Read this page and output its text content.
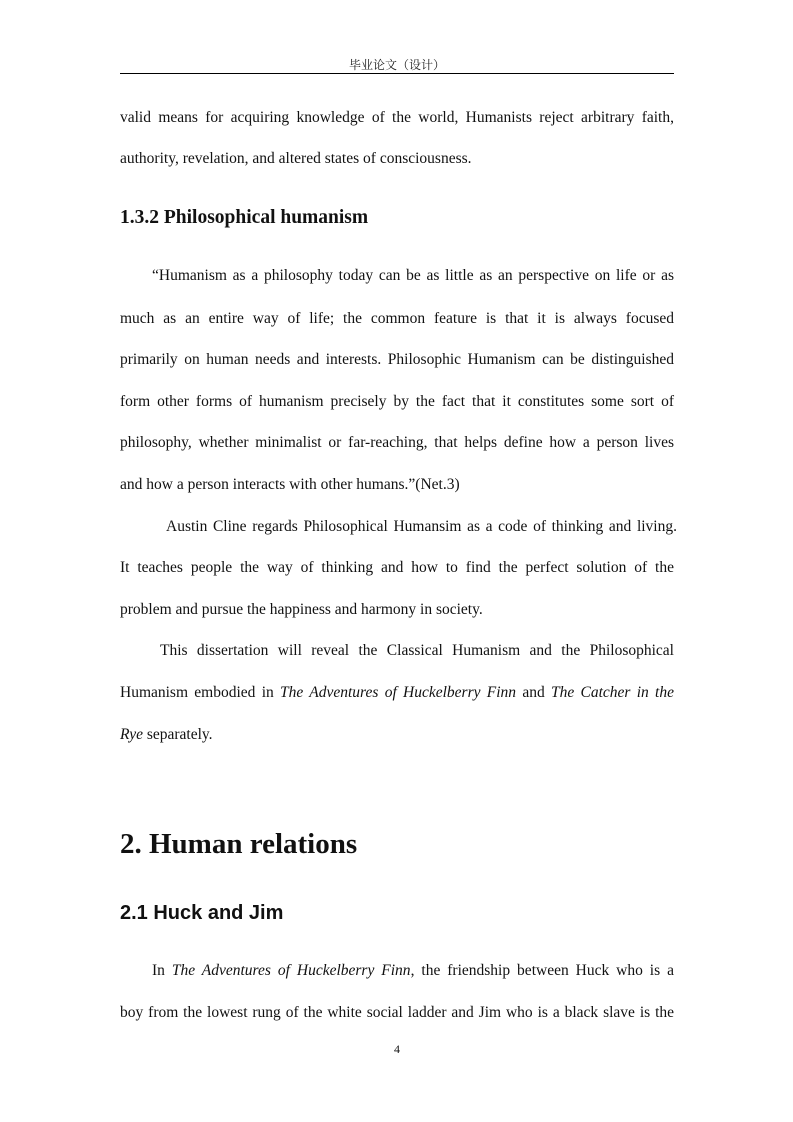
毕业论文（设计）
valid means for acquiring knowledge of the world, Humanists reject arbitrary faith,
authority, revelation, and altered states of consciousness.
1.3.2 Philosophical humanism
“Humanism as a philosophy today can be as little as an perspective on life or as
much as an entire way of life; the common feature is that it is always focused
primarily on human needs and interests. Philosophic Humanism can be distinguished
form other forms of humanism precisely by the fact that it constitutes some sort of
philosophy, whether minimalist or far-reaching, that helps define how a person lives
and how a person interacts with other humans.”(Net.3)
Austin Cline regards Philosophical Humansim as a code of thinking and living.
It teaches people the way of thinking and how to find the perfect solution of the
problem and pursue the happiness and harmony in society.
This dissertation will reveal the Classical Humanism and the Philosophical
Humanism embodied in The Adventures of Huckelberry Finn and The Catcher in the
Rye separately.
2. Human relations
2.1 Huck and Jim
In The Adventures of Huckelberry Finn, the friendship between Huck who is a
boy from the lowest rung of the white social ladder and Jim who is a black slave is the
4
